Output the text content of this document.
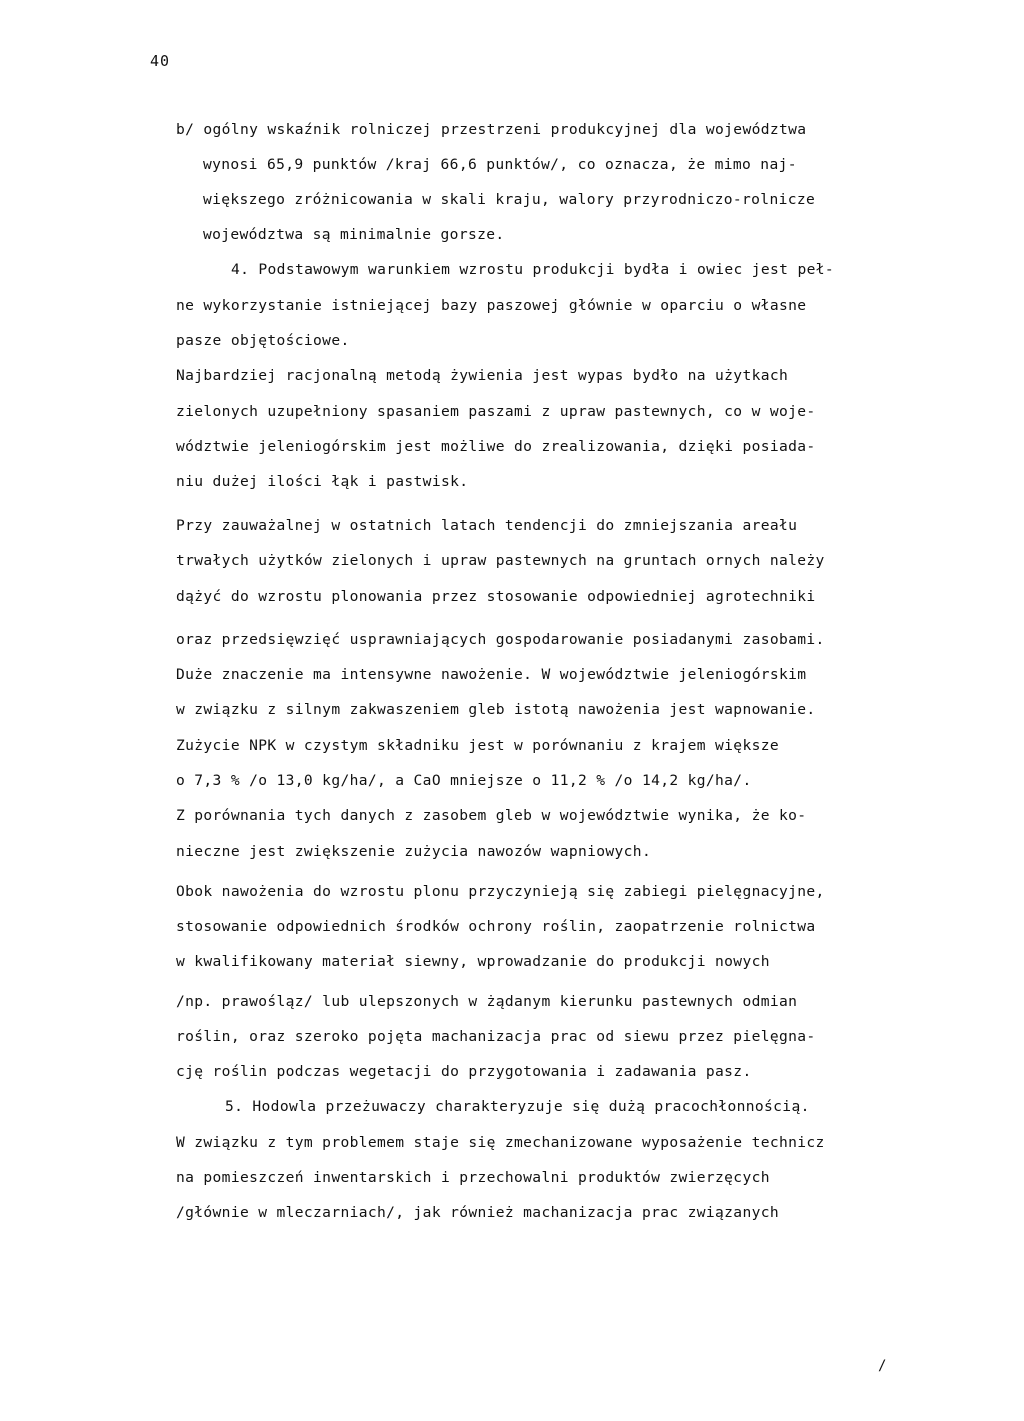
40
b/ ogólny wskaźnik rolniczej przestrzeni produkcyjnej dla województwa
wynosi 65,9 punktów /kraj 66,6 punktów/, co oznacza, że mimo naj-
większego zróżnicowania w skali kraju, walory przyrodniczo-rolnicze
województwa są minimalnie gorsze.
4. Podstawowym warunkiem wzrostu produkcji bydła i owiec jest peł-
ne wykorzystanie istniejącej bazy paszowej głównie w oparciu o własne
pasze objętościowe.
Najbardziej racjonalną metodą żywienia jest wypas bydło na użytkach
zielonych uzupełniony spasaniem paszami z upraw pastewnych, co w woje-
wództwie jeleniogórskim jest możliwe do zrealizowania, dzięki posiada-
niu dużej ilości łąk i pastwisk.
Przy zauważalnej w ostatnich latach tendencji do zmniejszania areału
trwałych użytków zielonych i upraw pastewnych na gruntach ornych należy
dążyć do wzrostu plonowania przez stosowanie odpowiedniej agrotechniki
oraz przedsięwzięć usprawniających gospodarowanie posiadanymi zasobami.
Duże znaczenie ma intensywne nawożenie. W województwie jeleniogórskim
w związku z silnym zakwaszeniem gleb istotą nawożenia jest wapnowanie.
Zużycie NPK w czystym składniku jest w porównaniu z krajem większe
o 7,3 % /o 13,0 kg/ha/, a CaO mniejsze o 11,2 % /o 14,2 kg/ha/.
Z porównania tych danych z zasobem gleb w województwie wynika, że ko-
nieczne jest zwiększenie zużycia nawozów wapniowych.
Obok nawożenia do wzrostu plonu przyczynieją się zabiegi pielęgnacyjne,
stosowanie odpowiednich środków ochrony roślin, zaopatrzenie rolnictwa
w kwalifikowany materiał siewny, wprowadzanie do produkcji nowych
/np. prawośląz/ lub ulepszonych w żądanym kierunku pastewnych odmian
roślin, oraz szeroko pojęta machanizacja prac od siewu przez pielęgna-
cję roślin podczas wegetacji do przygotowania i zadawania pasz.
5. Hodowla przeżuwaczy charakteryzuje się dużą pracochłonnością.
W związku z tym problemem staje się zmechanizowane wyposażenie technicz
na pomieszczeń inwentarskich i przechowalni produktów zwierzęcych
/głównie w mleczarniach/, jak również machanizacja prac związanych
/
